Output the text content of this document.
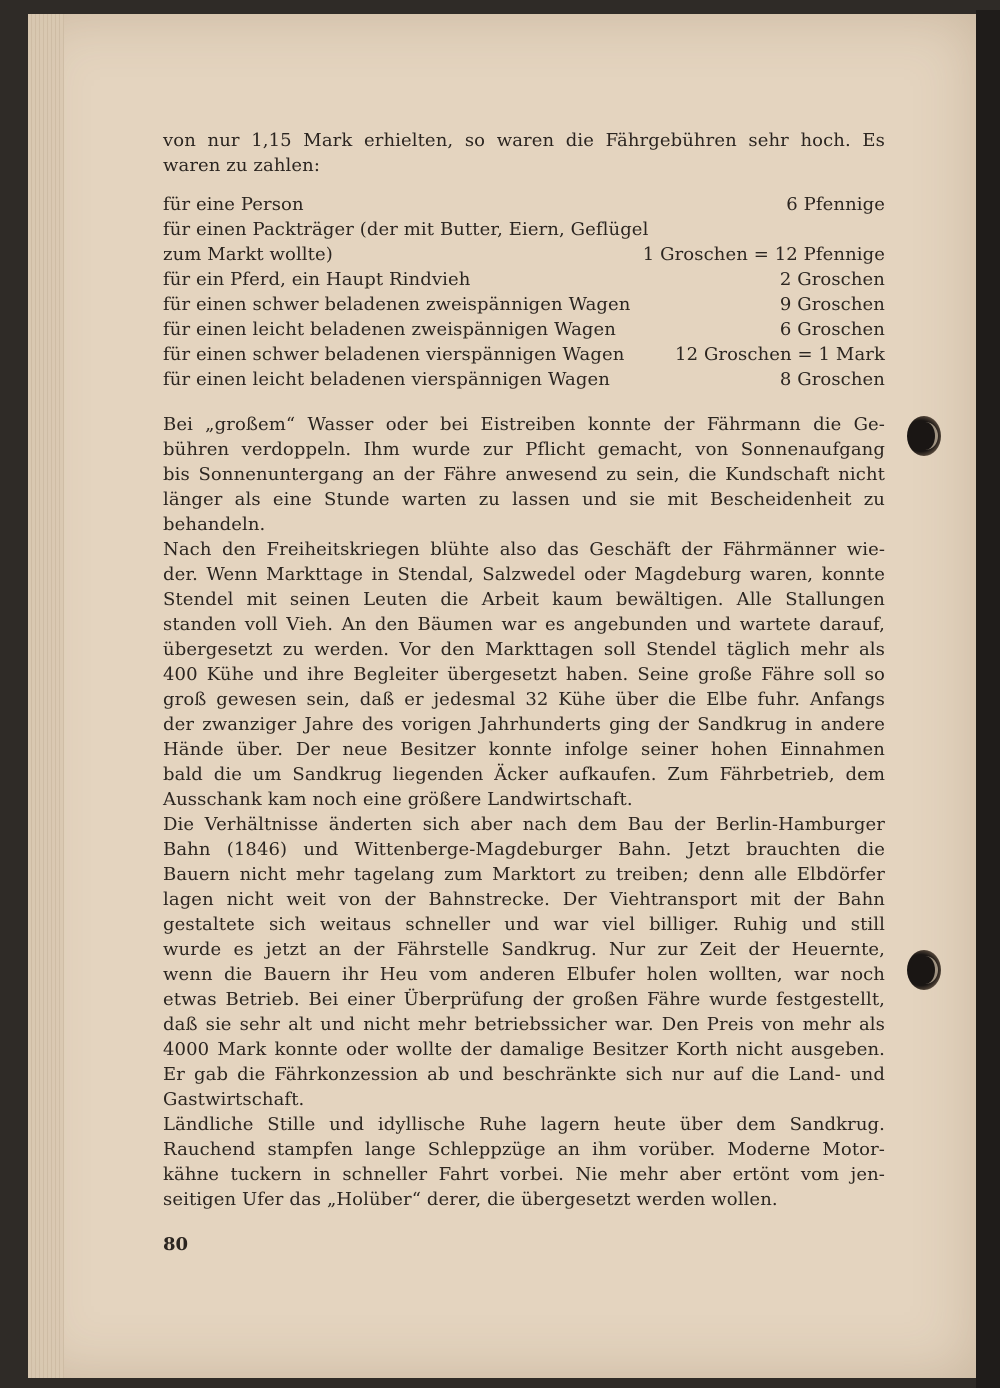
von nur 1,15 Mark erhielten, so waren die Fährgebühren sehr hoch. Es
waren zu zahlen:
für eine Person	6 Pfennige
für einen Packträger (der mit Butter, Eiern, Geflügel
zum Markt wollte)	1 Groschen = 12 Pfennige
für ein Pferd, ein Haupt Rindvieh	2 Groschen
für einen schwer beladenen zweispännigen Wagen	9 Groschen
für einen leicht beladenen zweispännigen Wagen	6 Groschen
für einen schwer beladenen vierspännigen Wagen	12 Groschen = 1 Mark
für einen leicht beladenen vierspännigen Wagen	8 Groschen
Bei „großem“ Wasser oder bei Eistreiben konnte der Fährmann die Ge-
bühren verdoppeln. Ihm wurde zur Pflicht gemacht, von Sonnenaufgang
bis Sonnenuntergang an der Fähre anwesend zu sein, die Kundschaft nicht
länger als eine Stunde warten zu lassen und sie mit Bescheidenheit zu
behandeln.
Nach den Freiheitskriegen blühte also das Geschäft der Fährmänner wie-
der. Wenn Markttage in Stendal, Salzwedel oder Magdeburg waren, konnte
Stendel mit seinen Leuten die Arbeit kaum bewältigen. Alle Stallungen
standen voll Vieh. An den Bäumen war es angebunden und wartete darauf,
übergesetzt zu werden. Vor den Markttagen soll Stendel täglich mehr als
400 Kühe und ihre Begleiter übergesetzt haben. Seine große Fähre soll so
groß gewesen sein, daß er jedesmal 32 Kühe über die Elbe fuhr. Anfangs
der zwanziger Jahre des vorigen Jahrhunderts ging der Sandkrug in andere
Hände über. Der neue Besitzer konnte infolge seiner hohen Einnahmen
bald die um Sandkrug liegenden Äcker aufkaufen. Zum Fährbetrieb, dem
Ausschank kam noch eine größere Landwirtschaft.
Die Verhältnisse änderten sich aber nach dem Bau der Berlin-Hamburger
Bahn (1846) und Wittenberge-Magdeburger Bahn. Jetzt brauchten die
Bauern nicht mehr tagelang zum Marktort zu treiben; denn alle Elbdörfer
lagen nicht weit von der Bahnstrecke. Der Viehtransport mit der Bahn
gestaltete sich weitaus schneller und war viel billiger. Ruhig und still
wurde es jetzt an der Fährstelle Sandkrug. Nur zur Zeit der Heuernte,
wenn die Bauern ihr Heu vom anderen Elbufer holen wollten, war noch
etwas Betrieb. Bei einer Überprüfung der großen Fähre wurde festgestellt,
daß sie sehr alt und nicht mehr betriebssicher war. Den Preis von mehr als
4000 Mark konnte oder wollte der damalige Besitzer Korth nicht ausgeben.
Er gab die Fährkonzession ab und beschränkte sich nur auf die Land- und
Gastwirtschaft.
Ländliche Stille und idyllische Ruhe lagern heute über dem Sandkrug.
Rauchend stampfen lange Schleppzüge an ihm vorüber. Moderne Motor-
kähne tuckern in schneller Fahrt vorbei. Nie mehr aber ertönt vom jen-
seitigen Ufer das „Holüber“ derer, die übergesetzt werden wollen.
80
